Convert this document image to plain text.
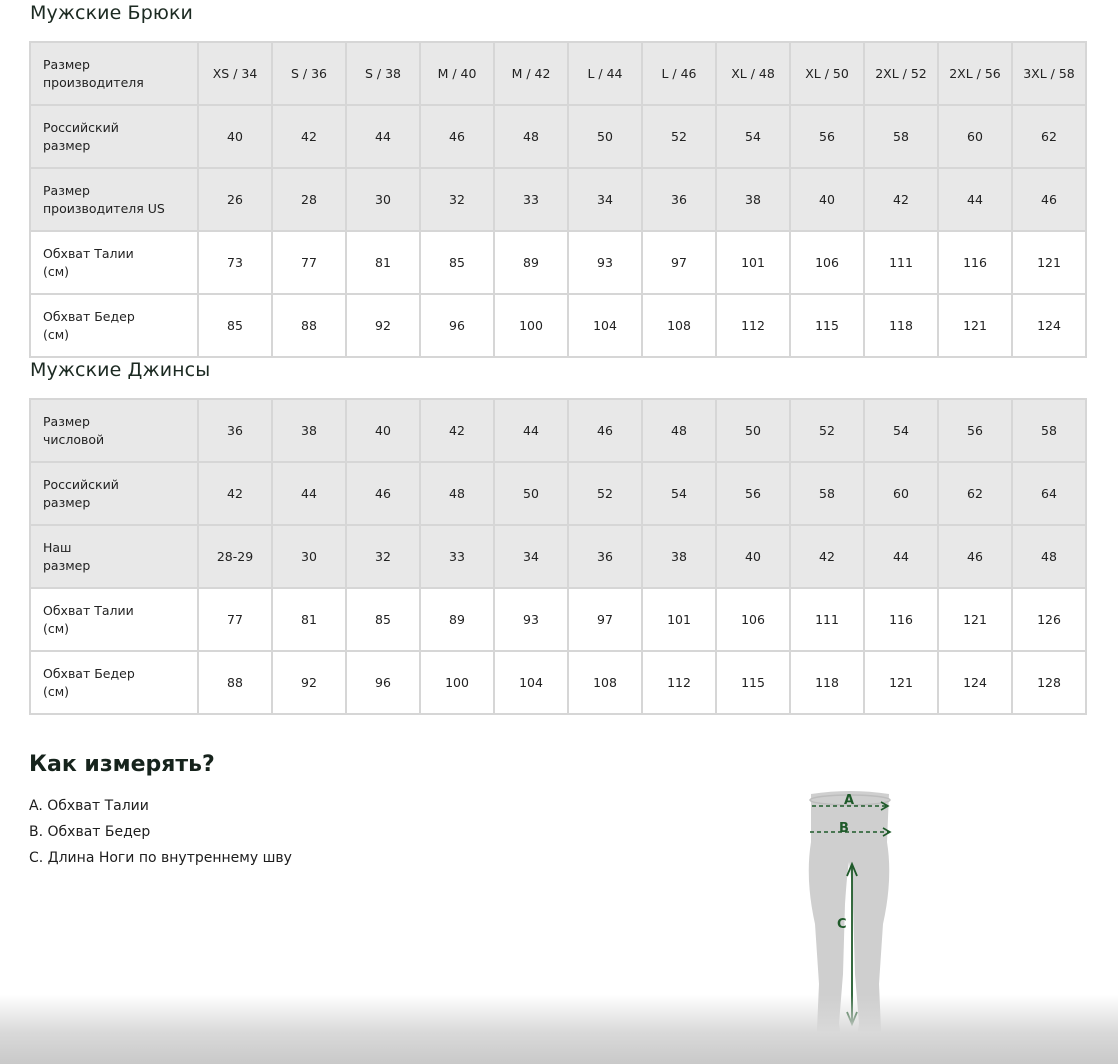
Мужские Брюки
Размер
производителя	XS / 34	S / 36	S / 38	M / 40	M / 42	L / 44	L / 46	XL / 48	XL / 50	2XL / 52	2XL / 56	3XL / 58
Российский
размер	40	42	44	46	48	50	52	54	56	58	60	62
Размер
производителя US	26	28	30	32	33	34	36	38	40	42	44	46
Обхват Талии
(см)	73	77	81	85	89	93	97	101	106	111	116	121
Обхват Бедер
(см)	85	88	92	96	100	104	108	112	115	118	121	124
Мужские Джинсы
Размер
числовой	36	38	40	42	44	46	48	50	52	54	56	58
Российский
размер	42	44	46	48	50	52	54	56	58	60	62	64
Наш
размер	28-29	30	32	33	34	36	38	40	42	44	46	48
Обхват Талии
(см)	77	81	85	89	93	97	101	106	111	116	121	126
Обхват Бедер
(см)	88	92	96	100	104	108	112	115	118	121	124	128
Как измерять?
A. Обхват Талии
B. Обхват Бедер
C. Длина Ноги по внутреннему шву
A
B
C
